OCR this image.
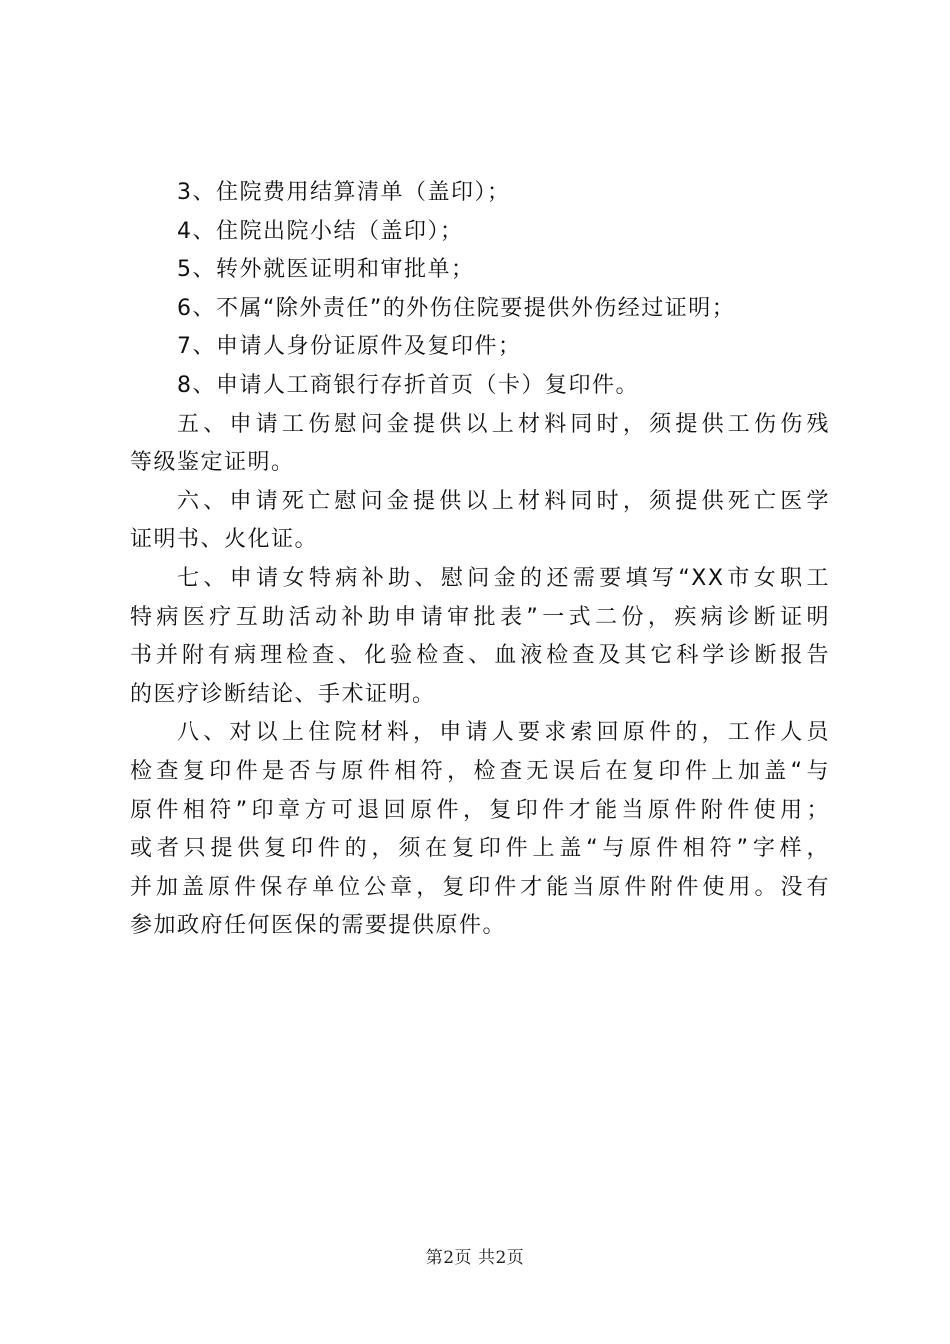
3、住院费用结算清单（盖印）；
4、住院出院小结（盖印）；
5、转外就医证明和审批单；
6、不属“除外责任”的外伤住院要提供外伤经过证明；
7、申请人身份证原件及复印件；
8、申请人工商银行存折首页（卡）复印件。
五、申请工伤慰问金提供以上材料同时，须提供工伤伤残
等级鉴定证明。
六、申请死亡慰问金提供以上材料同时，须提供死亡医学
证明书、火化证。
七、申请女特病补助、慰问金的还需要填写“XX市女职工
特病医疗互助活动补助申请审批表”一式二份，疾病诊断证明
书并附有病理检查、化验检查、血液检查及其它科学诊断报告
的医疗诊断结论、手术证明。
八、对以上住院材料，申请人要求索回原件的，工作人员
检查复印件是否与原件相符，检查无误后在复印件上加盖“与
原件相符”印章方可退回原件，复印件才能当原件附件使用；
或者只提供复印件的，须在复印件上盖“与原件相符”字样，
并加盖原件保存单位公章，复印件才能当原件附件使用。没有
参加政府任何医保的需要提供原件。
第2页 共2页
